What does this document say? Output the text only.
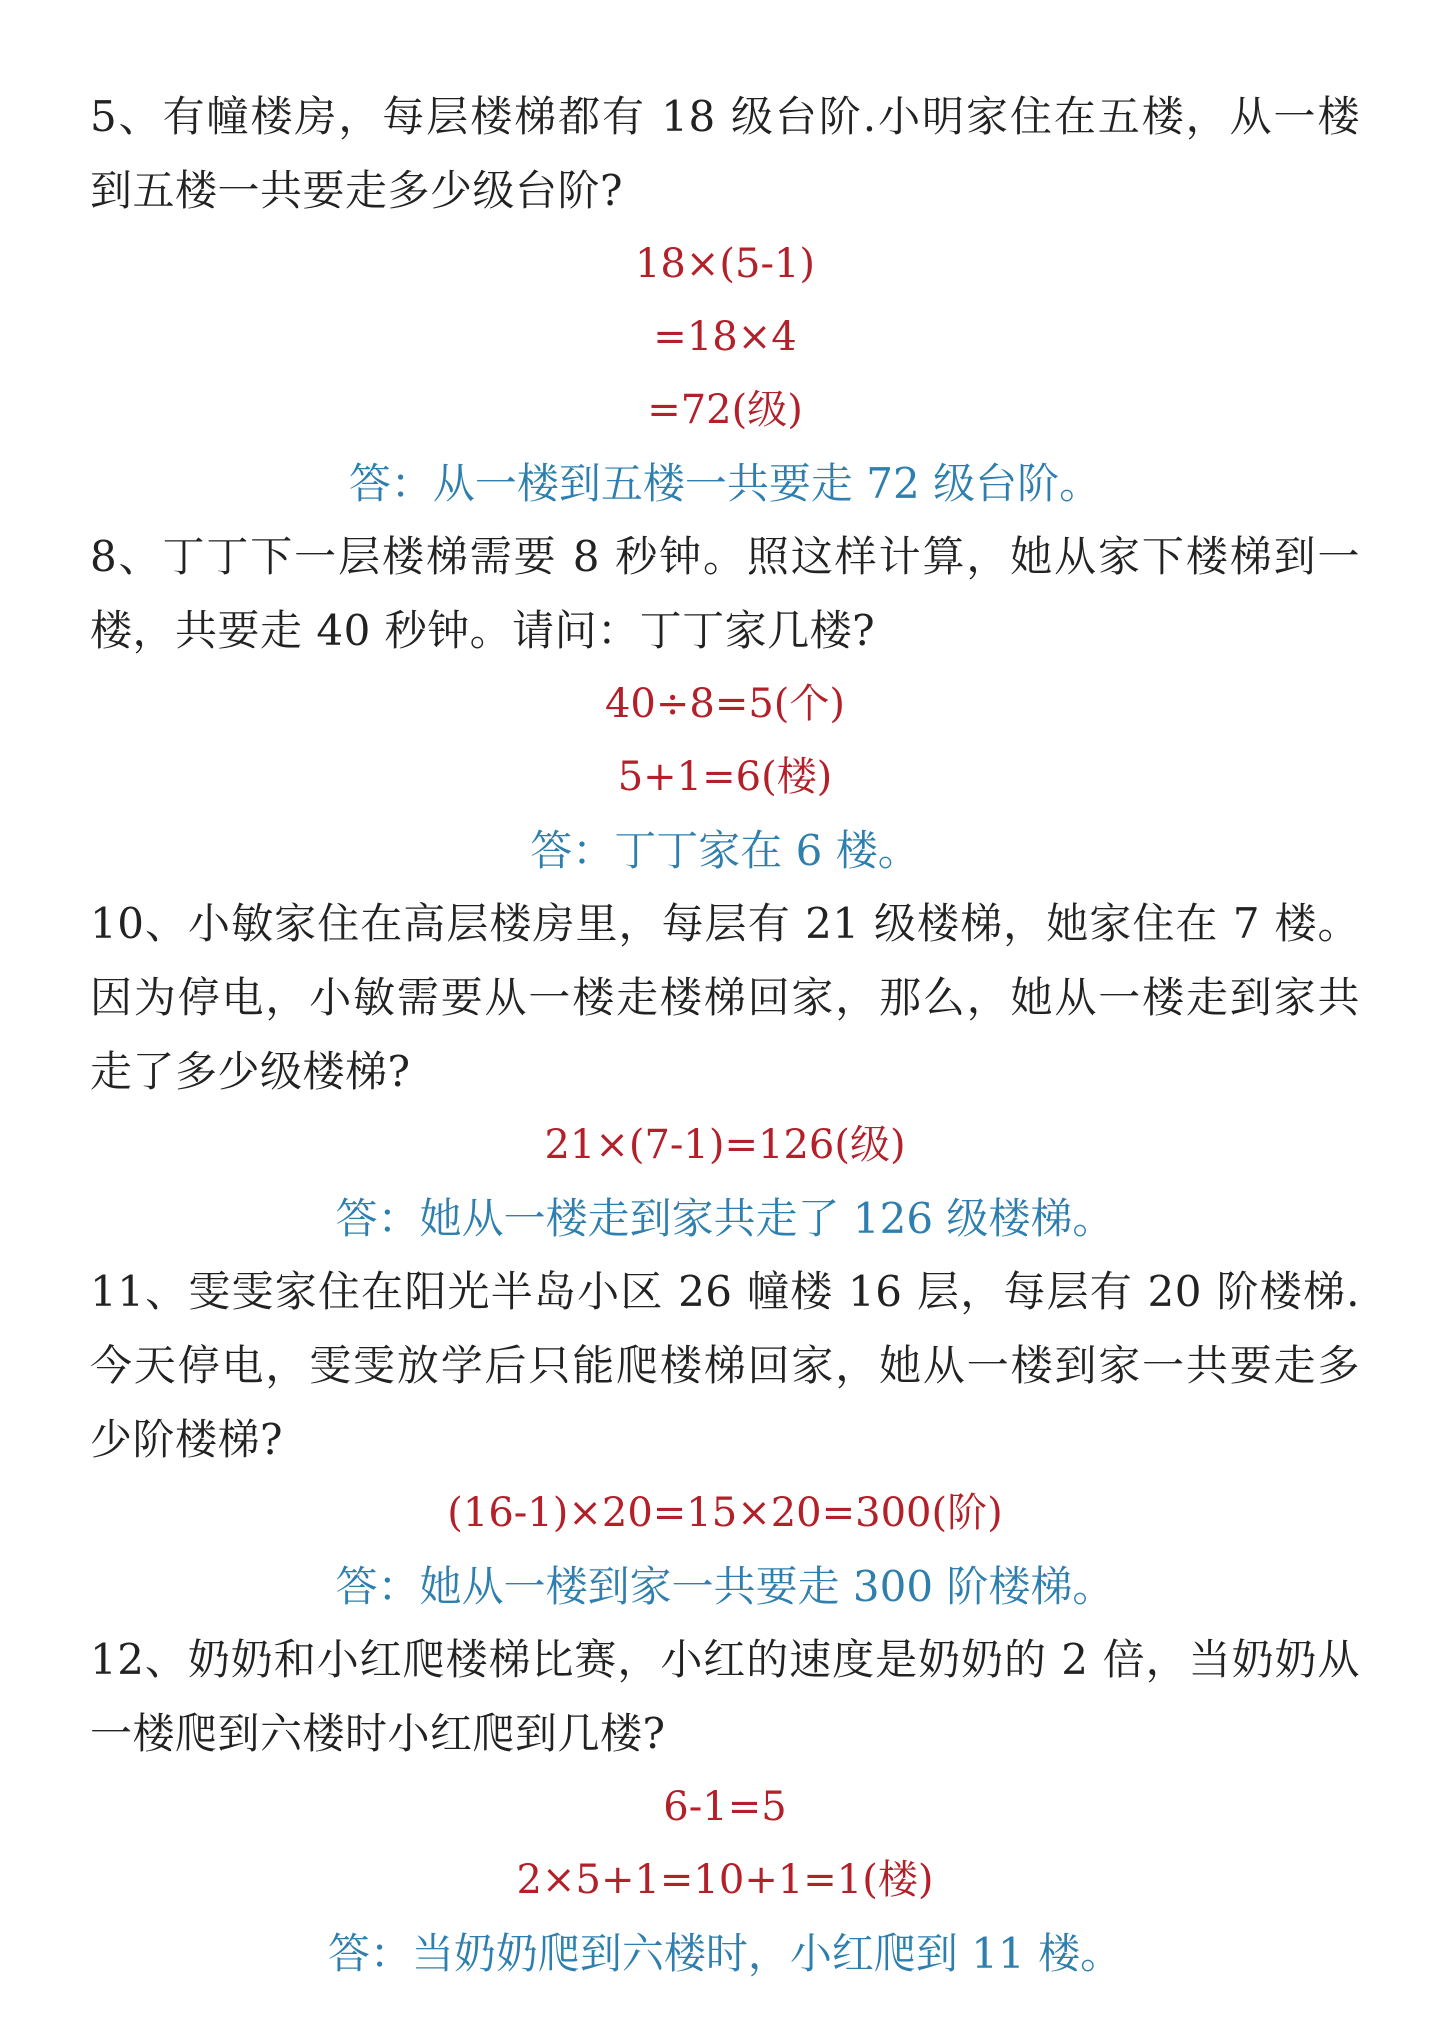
5、有幢楼房，每层楼梯都有 18 级台阶.小明家住在五楼，从一楼到五楼一共要走多少级台阶?

18×(5-1)

=18×4

=72(级)

答：从一楼到五楼一共要走 72 级台阶。

8、丁丁下一层楼梯需要 8 秒钟。照这样计算，她从家下楼梯到一楼，共要走 40 秒钟。请问：丁丁家几楼?

40÷8=5(个)

5+1=6(楼)

答：丁丁家在 6 楼。

10、小敏家住在高层楼房里，每层有 21 级楼梯，她家住在 7 楼。因为停电，小敏需要从一楼走楼梯回家，那么，她从一楼走到家共走了多少级楼梯?

21×(7-1)=126(级)

答：她从一楼走到家共走了 126 级楼梯。

11、雯雯家住在阳光半岛小区 26 幢楼 16 层，每层有 20 阶楼梯.今天停电，雯雯放学后只能爬楼梯回家，她从一楼到家一共要走多少阶楼梯?

(16-1)×20=15×20=300(阶)

答：她从一楼到家一共要走 300 阶楼梯。

12、奶奶和小红爬楼梯比赛，小红的速度是奶奶的 2 倍，当奶奶从一楼爬到六楼时小红爬到几楼?

6-1=5

2×5+1=10+1=1(楼)

答：当奶奶爬到六楼时，小红爬到 11 楼。
